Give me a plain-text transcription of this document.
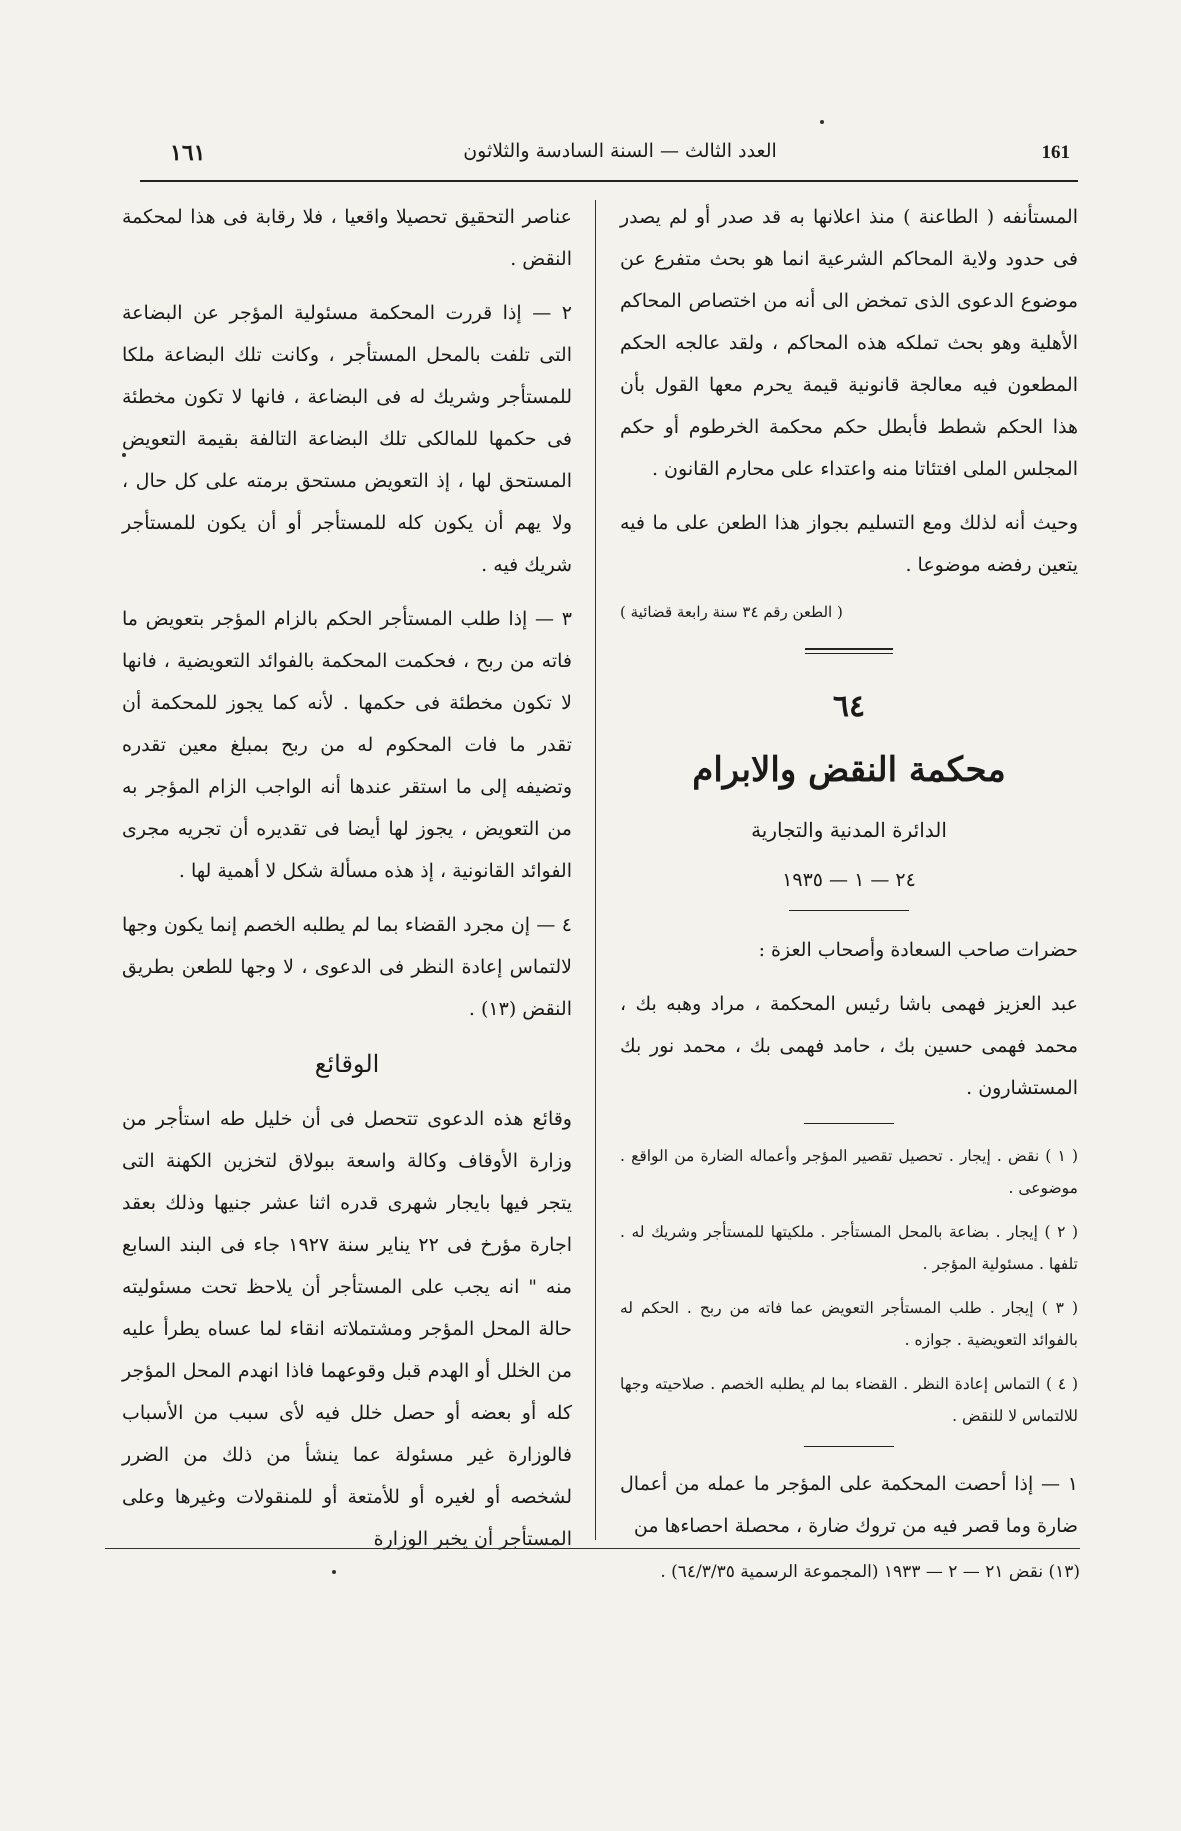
١٦١	العدد الثالث — السنة السادسة والثلاثون	161

المستأنفه ( الطاعنة ) منذ اعلانها به قد صدر أو لم يصدر فى حدود ولاية المحاكم الشرعية انما هو بحث متفرع عن موضوع الدعوى الذى تمخض الى أنه من اختصاص المحاكم الأهلية وهو بحث تملكه هذه المحاكم ، ولقد عالجه الحكم المطعون فيه معالجة قانونية قيمة يحرم معها القول بأن هذا الحكم شطط فأبطل حكم محكمة الخرطوم أو حكم المجلس الملى افتئاتا منه واعتداء على محارم القانون .

وحيث أنه لذلك ومع التسليم بجواز هذا الطعن على ما فيه يتعين رفضه موضوعا .

( الطعن رقم ٣٤ سنة رابعة قضائية )

٦٤

محكمة النقض والابرام

الدائرة المدنية والتجارية

٢٤ — ١ — ١٩٣٥

حضرات صاحب السعادة وأصحاب العزة :

عبد العزيز فهمى باشا رئيس المحكمة ، مراد وهبه بك ، محمد فهمى حسين بك ، حامد فهمى بك ، محمد نور بك المستشارون .

( ١ ) نقض . إيجار . تحصيل تقصير المؤجر وأعماله الضارة من الواقع . موضوعى .

( ٢ ) إيجار . بضاعة بالمحل المستأجر . ملكيتها للمستأجر وشريك له . تلفها . مسئولية المؤجر .

( ٣ ) إيجار . طلب المستأجر التعويض عما فاته من ربح . الحكم له بالفوائد التعويضية . جوازه .

( ٤ ) التماس إعادة النظر . القضاء بما لم يطلبه الخصم . صلاحيته وجها للالتماس لا للنقض .

١ — إذا أحصت المحكمة على المؤجر ما عمله من أعمال ضارة وما قصر فيه من تروك ضارة ، محصلة احصاءها من

عناصر التحقيق تحصيلا واقعيا ، فلا رقابة فى هذا لمحكمة النقض .

٢ — إذا قررت المحكمة مسئولية المؤجر عن البضاعة التى تلفت بالمحل المستأجر ، وكانت تلك البضاعة ملكا للمستأجر وشريك له فى البضاعة ، فانها لا تكون مخطئة فى حكمها للمالكى تلك البضاعة التالفة بقيمة التعويض المستحق لها ، إذ التعويض مستحق برمته على كل حال ، ولا يهم أن يكون كله للمستأجر أو أن يكون للمستأجر شريك فيه .

٣ — إذا طلب المستأجر الحكم بالزام المؤجر بتعويض ما فاته من ربح ، فحكمت المحكمة بالفوائد التعويضية ، فانها لا تكون مخطئة فى حكمها . لأنه كما يجوز للمحكمة أن تقدر ما فات المحكوم له من ربح بمبلغ معين تقدره وتضيفه إلى ما استقر عندها أنه الواجب الزام المؤجر به من التعويض ، يجوز لها أيضا فى تقديره أن تجريه مجرى الفوائد القانونية ، إذ هذه مسألة شكل لا أهمية لها .

٤ — إن مجرد القضاء بما لم يطلبه الخصم إنما يكون وجها لالتماس إعادة النظر فى الدعوى ، لا وجها للطعن بطريق النقض (١٣) .

الوقائع

وقائع هذه الدعوى تتحصل فى أن خليل طه استأجر من وزارة الأوقاف وكالة واسعة ببولاق لتخزين الكهنة التى يتجر فيها بايجار شهرى قدره اثنا عشر جنيها وذلك بعقد اجارة مؤرخ فى ٢٢ يناير سنة ١٩٢٧ جاء فى البند السابع منه " انه يجب على المستأجر أن يلاحظ تحت مسئوليته حالة المحل المؤجر ومشتملاته انقاء لما عساه يطرأ عليه من الخلل أو الهدم قبل وقوعهما فاذا انهدم المحل المؤجر كله أو بعضه أو حصل خلل فيه لأى سبب من الأسباب فالوزارة غير مسئولة عما ينشأ من ذلك من الضرر لشخصه أو لغيره أو للأمتعة أو للمنقولات وغيرها وعلى المستأجر أن يخبر الوزارة

(١٣) نقض ٢١ — ٢ — ١٩٣٣ (المجموعة الرسمية ٦٤/٣/٣٥) .
